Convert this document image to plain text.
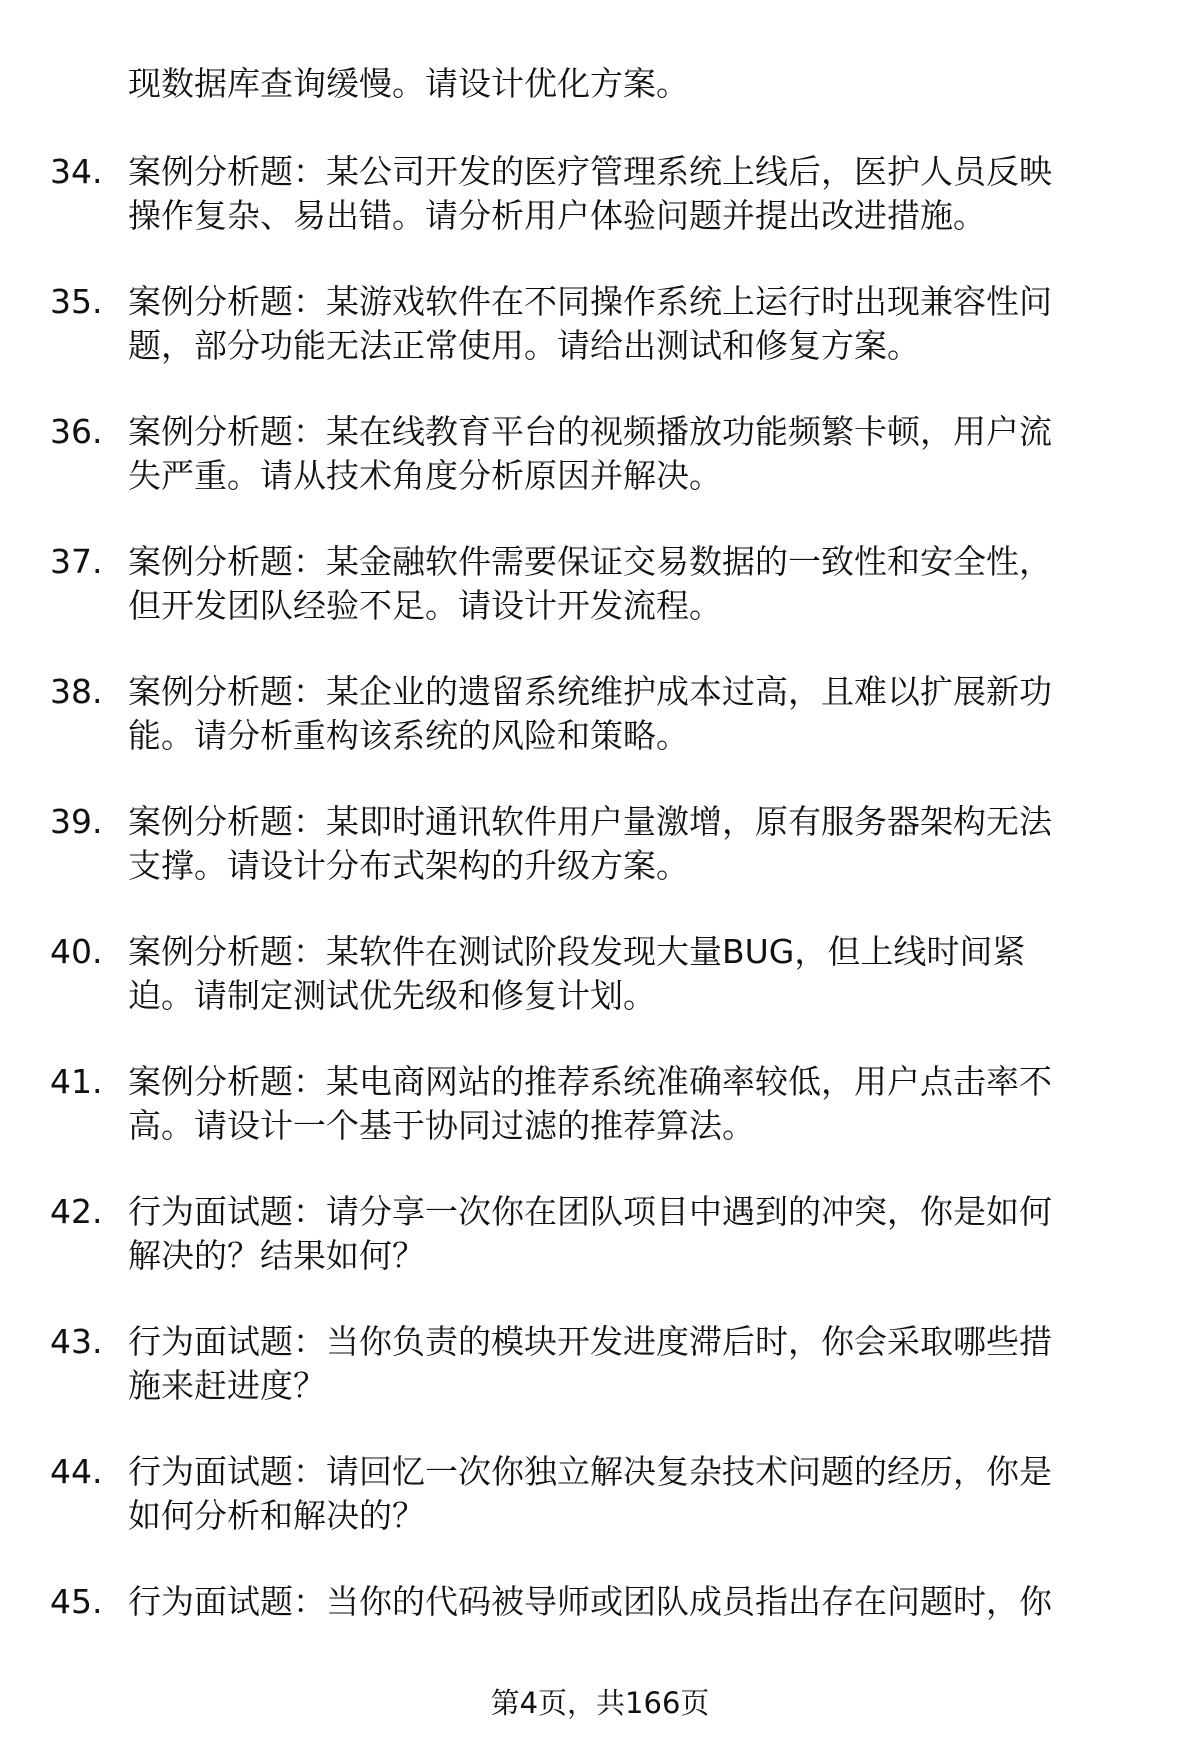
现数据库查询缓慢。请设计优化方案。
34. 案例分析题：某公司开发的医疗管理系统上线后，医护人员反映
操作复杂、易出错。请分析用户体验问题并提出改进措施。
35. 案例分析题：某游戏软件在不同操作系统上运行时出现兼容性问
题，部分功能无法正常使用。请给出测试和修复方案。
36. 案例分析题：某在线教育平台的视频播放功能频繁卡顿，用户流
失严重。请从技术角度分析原因并解决。
37. 案例分析题：某金融软件需要保证交易数据的一致性和安全性，
但开发团队经验不足。请设计开发流程。
38. 案例分析题：某企业的遗留系统维护成本过高，且难以扩展新功
能。请分析重构该系统的风险和策略。
39. 案例分析题：某即时通讯软件用户量激增，原有服务器架构无法
支撑。请设计分布式架构的升级方案。
40. 案例分析题：某软件在测试阶段发现大量BUG，但上线时间紧
迫。请制定测试优先级和修复计划。
41. 案例分析题：某电商网站的推荐系统准确率较低，用户点击率不
高。请设计一个基于协同过滤的推荐算法。
42. 行为面试题：请分享一次你在团队项目中遇到的冲突，你是如何
解决的？结果如何？
43. 行为面试题：当你负责的模块开发进度滞后时，你会采取哪些措
施来赶进度？
44. 行为面试题：请回忆一次你独立解决复杂技术问题的经历，你是
如何分析和解决的？
45. 行为面试题：当你的代码被导师或团队成员指出存在问题时，你
第4页，共166页
